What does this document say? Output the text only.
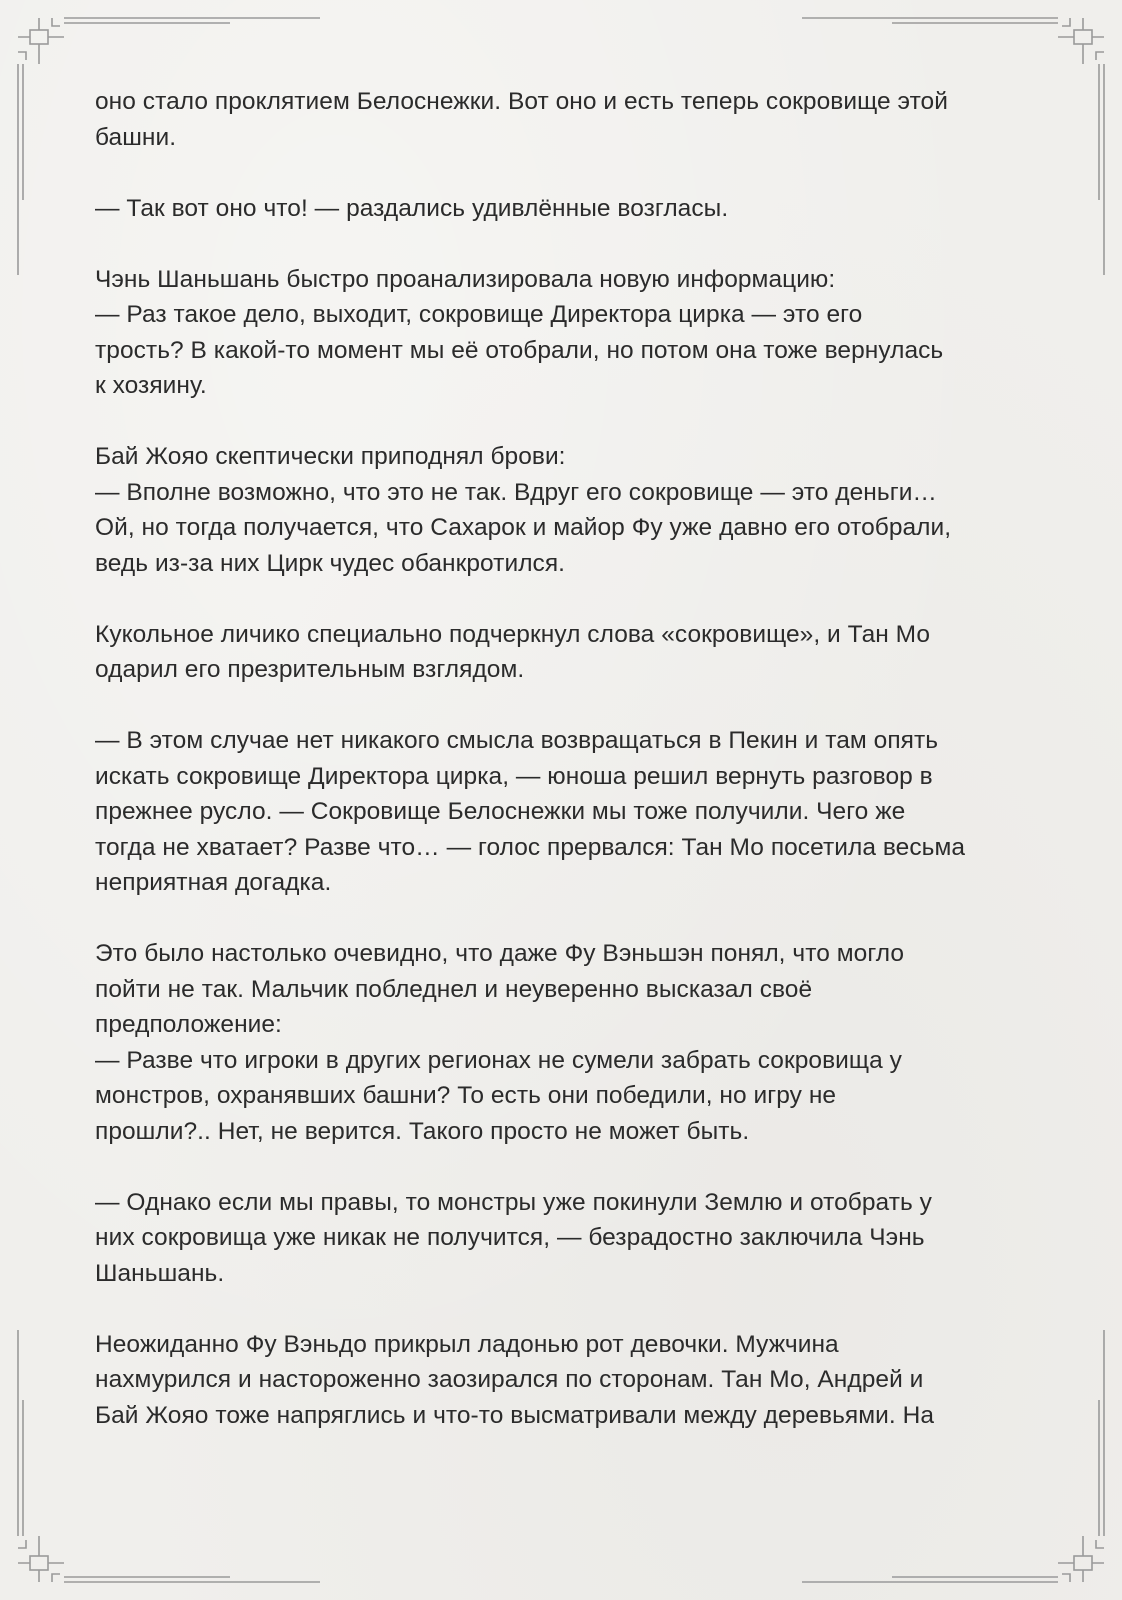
оно стало проклятием Белоснежки. Вот оно и есть теперь сокровище этой
башни.

— Так вот оно что! — раздались удивлённые возгласы.

Чэнь Шаньшань быстро проанализировала новую информацию:
— Раз такое дело, выходит, сокровище Директора цирка — это его
трость? В какой-то момент мы её отобрали, но потом она тоже вернулась
к хозяину.

Бай Жояо скептически приподнял брови:
— Вполне возможно, что это не так. Вдруг его сокровище — это деньги…
Ой, но тогда получается, что Сахарок и майор Фу уже давно его отобрали,
ведь из-за них Цирк чудес обанкротился.

Кукольное личико специально подчеркнул слова «сокровище», и Тан Мо
одарил его презрительным взглядом.

— В этом случае нет никакого смысла возвращаться в Пекин и там опять
искать сокровище Директора цирка, — юноша решил вернуть разговор в
прежнее русло. — Сокровище Белоснежки мы тоже получили. Чего же
тогда не хватает? Разве что… — голос прервался: Тан Мо посетила весьма
неприятная догадка.

Это было настолько очевидно, что даже Фу Вэньшэн понял, что могло
пойти не так. Мальчик побледнел и неуверенно высказал своё
предположение:
— Разве что игроки в других регионах не сумели забрать сокровища у
монстров, охранявших башни? То есть они победили, но игру не
прошли?.. Нет, не верится. Такого просто не может быть.

— Однако если мы правы, то монстры уже покинули Землю и отобрать у
них сокровища уже никак не получится, — безрадостно заключила Чэнь
Шаньшань.

Неожиданно Фу Вэньдо прикрыл ладонью рот девочки. Мужчина
нахмурился и настороженно заозирался по сторонам. Тан Мо, Андрей и
Бай Жояо тоже напряглись и что-то высматривали между деревьями. На
